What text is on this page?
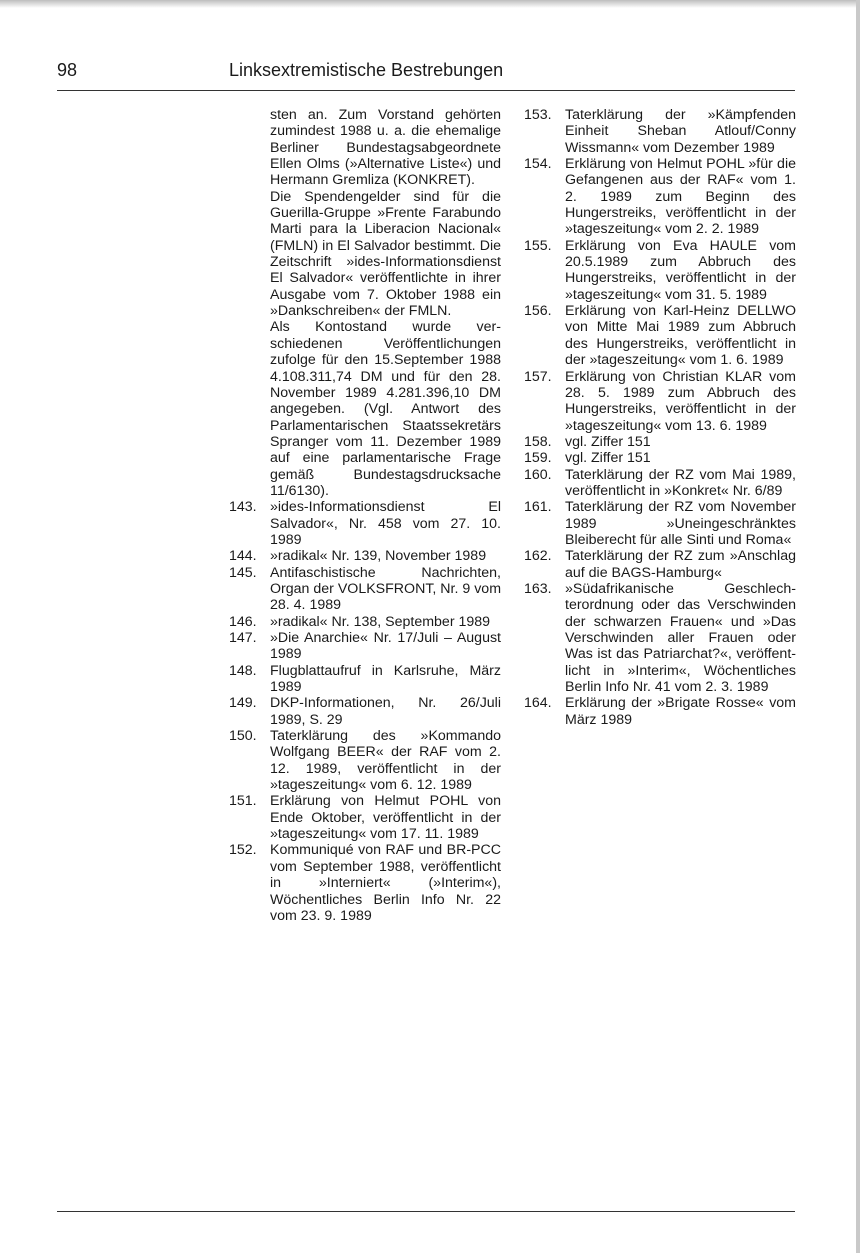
98	Linksextremistische Bestrebungen

sten an. Zum Vorstand gehörten zumindest 1988 u. a. die ehemalige Berliner Bundestagsabgeordnete Ellen Olms (»Alternative Liste«) und Hermann Gremliza (KONKRET).

Die Spendengelder sind für die Guerilla-Gruppe »Frente Farabundo Marti para la Liberacion Nacional« (FMLN) in El Salvador bestimmt. Die Zeitschrift »ides-Informationsdienst El Salvador« veröffentlichte in ihrer Ausgabe vom 7. Oktober 1988 ein »Dankschreiben« der FMLN.

Als Kontostand wurde verschiedenen Veröffentlichungen zufolge für den 15.September 1988 4.108.311,74 DM und für den 28. November 1989 4.281.396,10 DM angegeben. (Vgl. Antwort des Parlamentarischen Staatssekretärs Spranger vom 11. Dezember 1989 auf eine parlamentarische Frage gemäß Bundestagsdrucksache 11/6130).

143. »ides-Informationsdienst El Salvador«, Nr. 458 vom 27. 10. 1989
144. »radikal« Nr. 139, November 1989
145. Antifaschistische Nachrichten, Organ der VOLKSFRONT, Nr. 9 vom 28. 4. 1989
146. »radikal« Nr. 138, September 1989
147. »Die Anarchie« Nr. 17/Juli – August 1989
148. Flugblattaufruf in Karlsruhe, März 1989
149. DKP-Informationen, Nr. 26/Juli 1989, S. 29
150. Taterklärung des »Kommando Wolfgang BEER« der RAF vom 2. 12. 1989, veröffentlicht in der »tageszeitung« vom 6. 12. 1989
151. Erklärung von Helmut POHL von Ende Oktober, veröffentlicht in der »tageszeitung« vom 17. 11. 1989
152. Kommuniqué von RAF und BR-PCC vom September 1988, veröffentlicht in »Interniert« (»Interim«), Wöchentliches Berlin Info Nr. 22 vom 23. 9. 1989
153. Taterklärung der »Kämpfenden Einheit Sheban Atlouf/Conny Wissmann« vom Dezember 1989
154. Erklärung von Helmut POHL »für die Gefangenen aus der RAF« vom 1. 2. 1989 zum Beginn des Hungerstreiks, veröffentlicht in der »tageszeitung« vom 2. 2. 1989
155. Erklärung von Eva HAULE vom 20.5.1989 zum Abbruch des Hungerstreiks, veröffentlicht in der »tageszeitung« vom 31. 5. 1989
156. Erklärung von Karl-Heinz DELLWO von Mitte Mai 1989 zum Abbruch des Hungerstreiks, veröffentlicht in der »tageszeitung« vom 1. 6. 1989
157. Erklärung von Christian KLAR vom 28. 5. 1989 zum Abbruch des Hungerstreiks, veröffentlicht in der »tageszeitung« vom 13. 6. 1989
158. vgl. Ziffer 151
159. vgl. Ziffer 151
160. Taterklärung der RZ vom Mai 1989, veröffentlicht in »Konkret« Nr. 6/89
161. Taterklärung der RZ vom November 1989 »Uneingeschränktes Bleiberecht für alle Sinti und Roma«
162. Taterklärung der RZ zum »Anschlag auf die BAGS-Hamburg«
163. »Südafrikanische Geschlechterordnung oder das Verschwinden der schwarzen Frauen« und »Das Verschwinden aller Frauen oder Was ist das Patriarchat?«, veröffentlicht in »Interim«, Wöchentliches Berlin Info Nr. 41 vom 2. 3. 1989
164. Erklärung der »Brigate Rosse« vom März 1989
